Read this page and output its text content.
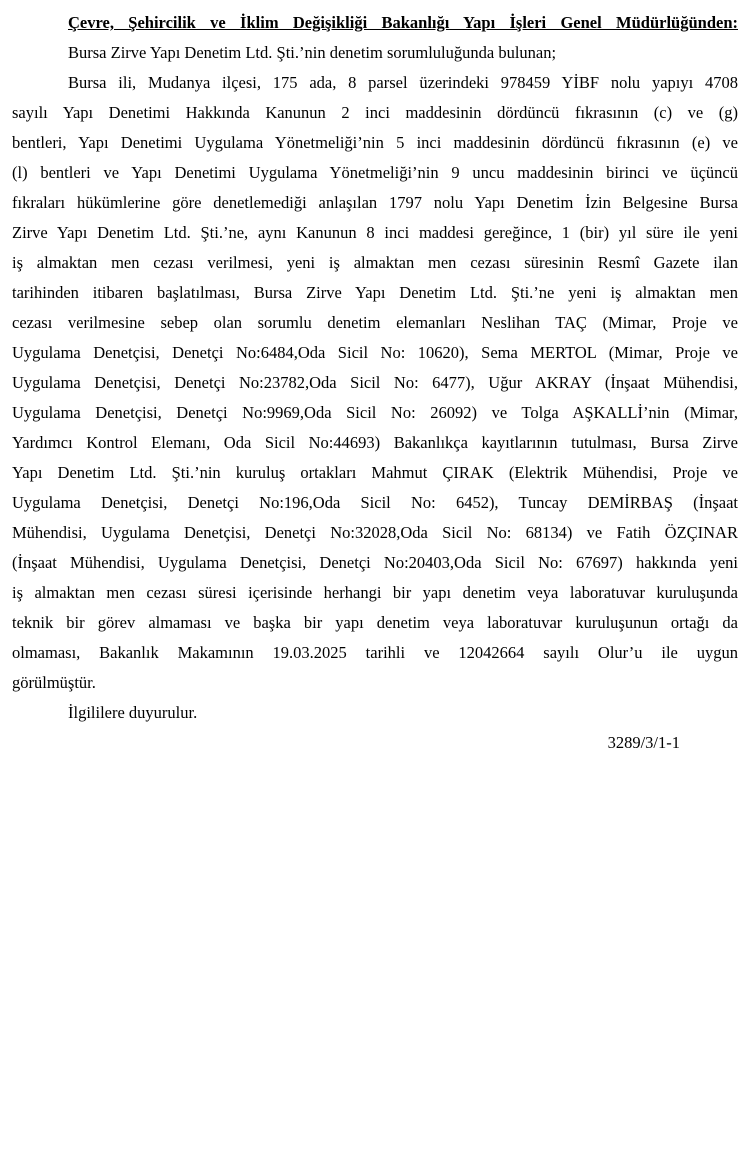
Çevre, Şehircilik ve İklim Değişikliği Bakanlığı Yapı İşleri Genel Müdürlüğünden:

Bursa Zirve Yapı Denetim Ltd. Şti.’nin denetim sorumluluğunda bulunan;

Bursa ili, Mudanya ilçesi, 175 ada, 8 parsel üzerindeki 978459 YİBF nolu yapıyı 4708

sayılı Yapı Denetimi Hakkında Kanunun 2 inci maddesinin dördüncü fıkrasının (c) ve (g)

bentleri, Yapı Denetimi Uygulama Yönetmeliği’nin 5 inci maddesinin dördüncü fıkrasının (e) ve

(l) bentleri ve Yapı Denetimi Uygulama Yönetmeliği’nin 9 uncu maddesinin birinci ve üçüncü

fıkraları hükümlerine göre denetlemediği anlaşılan 1797 nolu Yapı Denetim İzin Belgesine Bursa

Zirve Yapı Denetim Ltd. Şti.’ne, aynı Kanunun 8 inci maddesi gereğince, 1 (bir) yıl süre ile yeni

iş almaktan men cezası verilmesi, yeni iş almaktan men cezası süresinin Resmî Gazete ilan

tarihinden itibaren başlatılması, Bursa Zirve Yapı Denetim Ltd. Şti.’ne yeni iş almaktan men

cezası verilmesine sebep olan sorumlu denetim elemanları Neslihan TAÇ (Mimar, Proje ve

Uygulama Denetçisi, Denetçi No:6484,Oda Sicil No: 10620), Sema MERTOL (Mimar, Proje ve

Uygulama Denetçisi, Denetçi No:23782,Oda Sicil No: 6477), Uğur AKRAY (İnşaat Mühendisi,

Uygulama Denetçisi, Denetçi No:9969,Oda Sicil No: 26092) ve Tolga AŞKALLİ’nin (Mimar,

Yardımcı Kontrol Elemanı, Oda Sicil No:44693) Bakanlıkça kayıtlarının tutulması, Bursa Zirve

Yapı Denetim Ltd. Şti.’nin kuruluş ortakları Mahmut ÇIRAK (Elektrik Mühendisi, Proje ve

Uygulama Denetçisi, Denetçi No:196,Oda Sicil No: 6452), Tuncay DEMİRBAŞ (İnşaat

Mühendisi, Uygulama Denetçisi, Denetçi No:32028,Oda Sicil No: 68134) ve Fatih ÖZÇINAR

(İnşaat Mühendisi, Uygulama Denetçisi, Denetçi No:20403,Oda Sicil No: 67697) hakkında yeni

iş almaktan men cezası süresi içerisinde herhangi bir yapı denetim veya laboratuvar kuruluşunda

teknik bir görev almaması ve başka bir yapı denetim veya laboratuvar kuruluşunun ortağı da

olmaması, Bakanlık Makamının 19.03.2025 tarihli ve 12042664 sayılı Olur’u ile uygun

görülmüştür.

İlgililere duyurulur.

3289/3/1-1
